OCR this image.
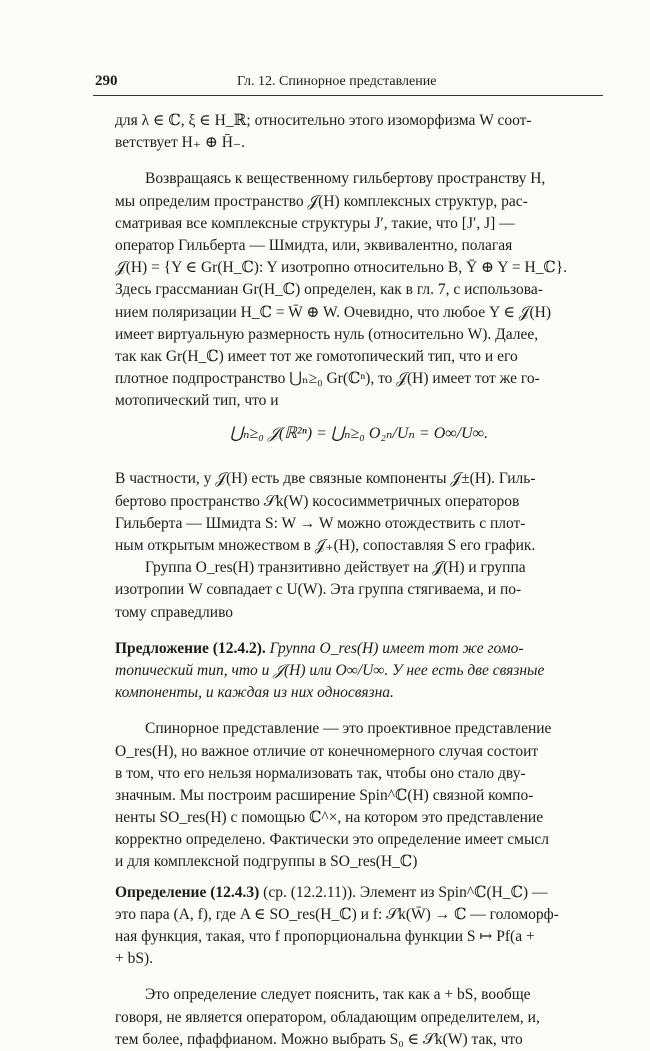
290	Гл. 12. Спинорное представление

для λ ∈ ℂ, ξ ∈ H_ℝ; относительно этого изоморфизма W соот-

ветствует H₊ ⊕ H̄₋.

Возвращаясь к вещественному гильбертову пространству H,

мы определим пространство 𝒥(H) комплексных структур, рас-

сматривая все комплексные структуры J′, такие, что [J′, J] —

оператор Гильберта — Шмидта, или, эквивалентно, полагая

𝒥(H) = {Y ∈ Gr(H_ℂ): Y изотропно относительно B, Ȳ ⊕ Y = H_ℂ}.

Здесь грассманиан Gr(H_ℂ) определен, как в гл. 7, с использова-

нием поляризации H_ℂ = W̄ ⊕ W. Очевидно, что любое Y ∈ 𝒥(H)

имеет виртуальную размерность нуль (относительно W). Далее,

так как Gr(H_ℂ) имеет тот же гомотопический тип, что и его

плотное подпространство ⋃ₙ≥₀ Gr(ℂⁿ), то 𝒥(H) имеет тот же го-

мотопический тип, что и

⋃ₙ≥₀ 𝒥(ℝ²ⁿ) = ⋃ₙ≥₀ O₂ₙ/Uₙ = O∞/U∞.

В частности, у 𝒥(H) есть две связные компоненты 𝒥±(H). Гиль-

бертово пространство 𝒮k(W) кососимметричных операторов

Гильберта — Шмидта S: W → W можно отождествить с плот-

ным открытым множеством в 𝒥₊(H), сопоставляя S его график.

Группа O_res(H) транзитивно действует на 𝒥(H) и группа

изотропии W совпадает с U(W). Эта группа стягиваема, и по-

тому справедливо

Предложение (12.4.2). Группа O_res(H) имеет тот же гомо-

топический тип, что и 𝒥(H) или O∞/U∞. У нее есть две связные

компоненты, и каждая из них односвязна.

Спинорное представление — это проективное представление

O_res(H), но важное отличие от конечномерного случая состоит

в том, что его нельзя нормализовать так, чтобы оно стало дву-

значным. Мы построим расширение Spin^ℂ(H) связной компо-

ненты SO_res(H) с помощью ℂ^×, на котором это представление

корректно определено. Фактически это определение имеет смысл

и для комплексной подгруппы в SO_res(H_ℂ)

Определение (12.4.3) (ср. (12.2.11)). Элемент из Spin^ℂ(H_ℂ) —

это пара (A, f), где A ∈ SO_res(H_ℂ) и f: 𝒮k(W̄) → ℂ — голоморф-

ная функция, такая, что f пропорциональна функции S ↦ Pf(a +

+ bS).

Это определение следует пояснить, так как a + bS, вообще

говоря, не является оператором, обладающим определителем, и,

тем более, пфаффианом. Можно выбрать S₀ ∈ 𝒮k(W) так, что
